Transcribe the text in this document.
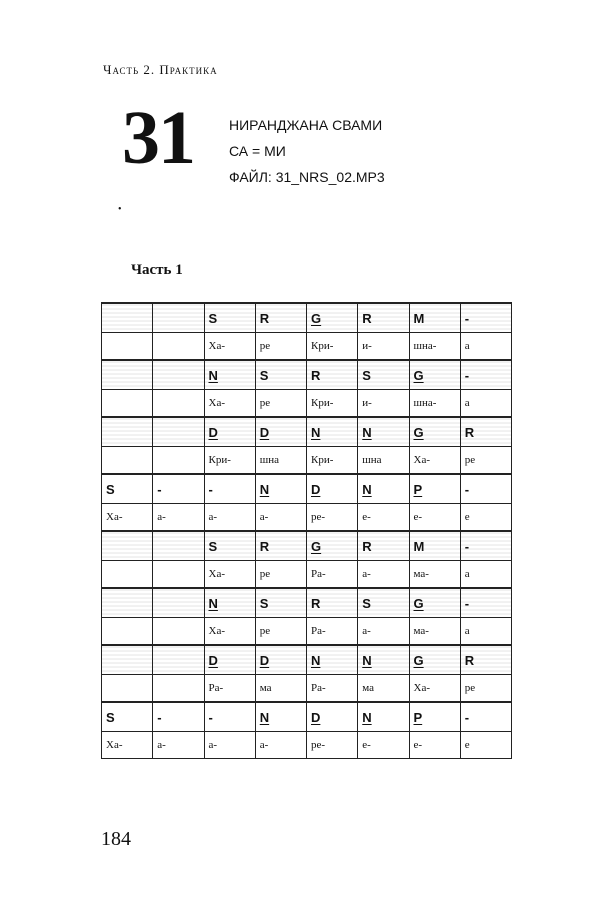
Часть 2. Практика
31	НИРАНДЖАНА СВАМИ
СА = МИ
ФАЙЛ: 31_NRS_02.MP3
•
Часть 1
		S	R	G	R	M	-
		Ха-	ре	Кри-	и-	шна-	а
		N	S	R	S	G	-
		Ха-	ре	Кри-	и-	шна-	а
		D	D	N	N	G	R
		Кри-	шна	Кри-	шна	Ха-	ре
S	-	-	N	D	N	P	-
Ха-	а-	а-	а-	ре-	е-	е-	е
		S	R	G	R	M	-
		Ха-	ре	Ра-	а-	ма-	а
		N	S	R	S	G	-
		Ха-	ре	Ра-	а-	ма-	а
		D	D	N	N	G	R
		Ра-	ма	Ра-	ма	Ха-	ре
S	-	-	N	D	N	P	-
Ха-	а-	а-	а-	ре-	е-	е-	е
184
